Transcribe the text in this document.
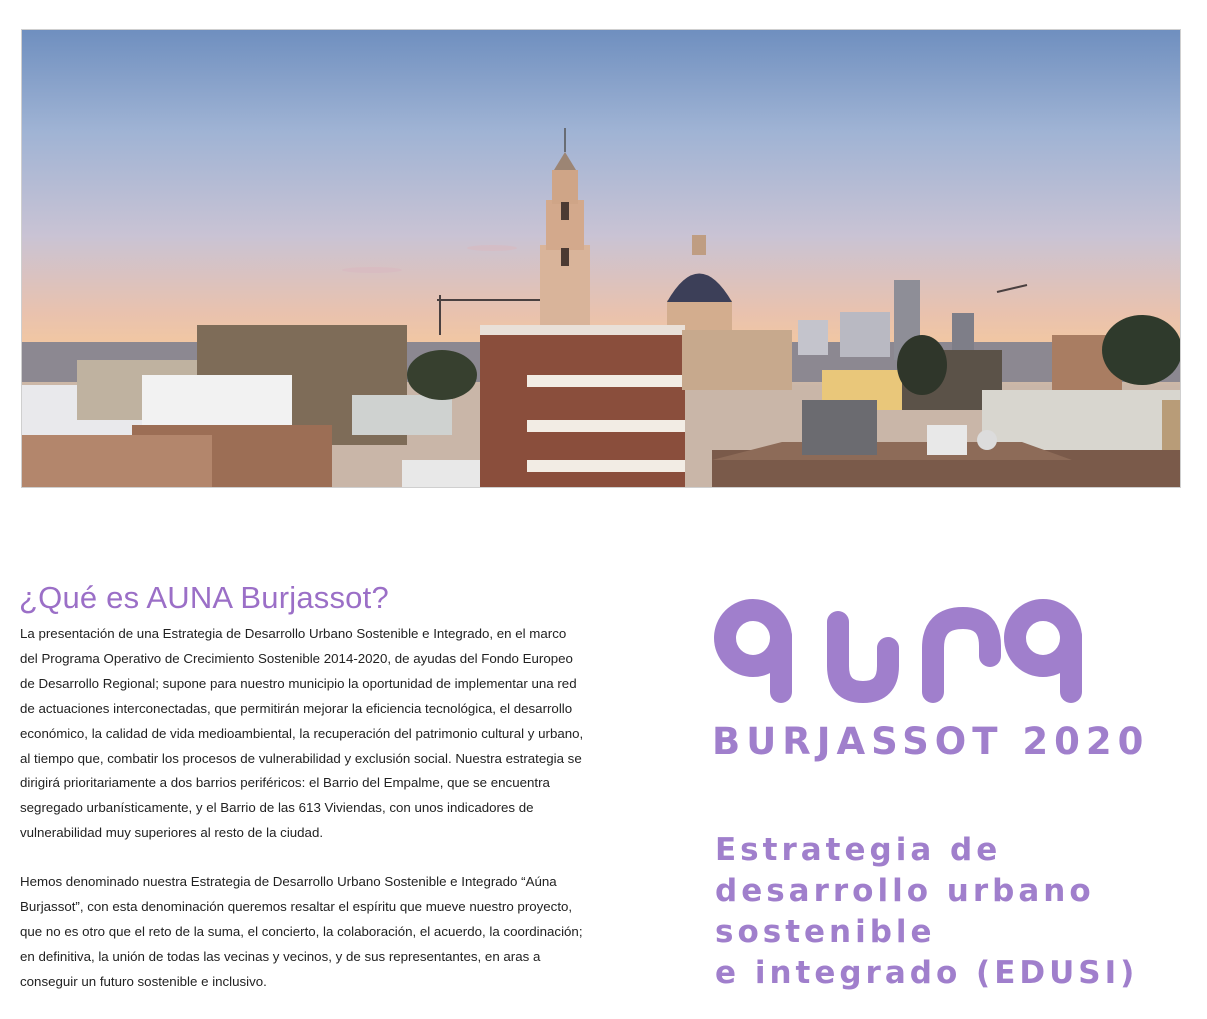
¿Qué es AUNA Burjassot?

La presentación de una Estrategia de Desarrollo Urbano Sostenible e Integrado, en el marco del Programa Operativo de Crecimiento Sostenible 2014-2020, de ayudas del Fondo Europeo de Desarrollo Regional; supone para nuestro municipio la oportunidad de implementar una red de actuaciones interconectadas, que permitirán mejorar la eficiencia tecnológica, el desarrollo económico, la calidad de vida medioambiental, la recuperación del patrimonio cultural y urbano, al tiempo que, combatir los procesos de vulnerabilidad y exclusión social. Nuestra estrategia se dirigirá prioritariamente a dos barrios periféricos: el Barrio del Empalme, que se encuentra segregado urbanísticamente, y el Barrio de las 613 Viviendas, con unos indicadores de vulnerabilidad muy superiores al resto de la ciudad.

Hemos denominado nuestra Estrategia de Desarrollo Urbano Sostenible e Integrado “Aúna Burjassot”, con esta denominación queremos resaltar el espíritu que mueve nuestro proyecto, que no es otro que el reto de la suma, el concierto, la colaboración, el acuerdo, la coordinación; en definitiva, la unión de todas las vecinas y vecinos, y de sus representantes, en aras a conseguir un futuro sostenible e inclusivo.

auna
BURJASSOT 2020
Estrategia de
desarrollo urbano
sostenible
e integrado (EDUSI)
